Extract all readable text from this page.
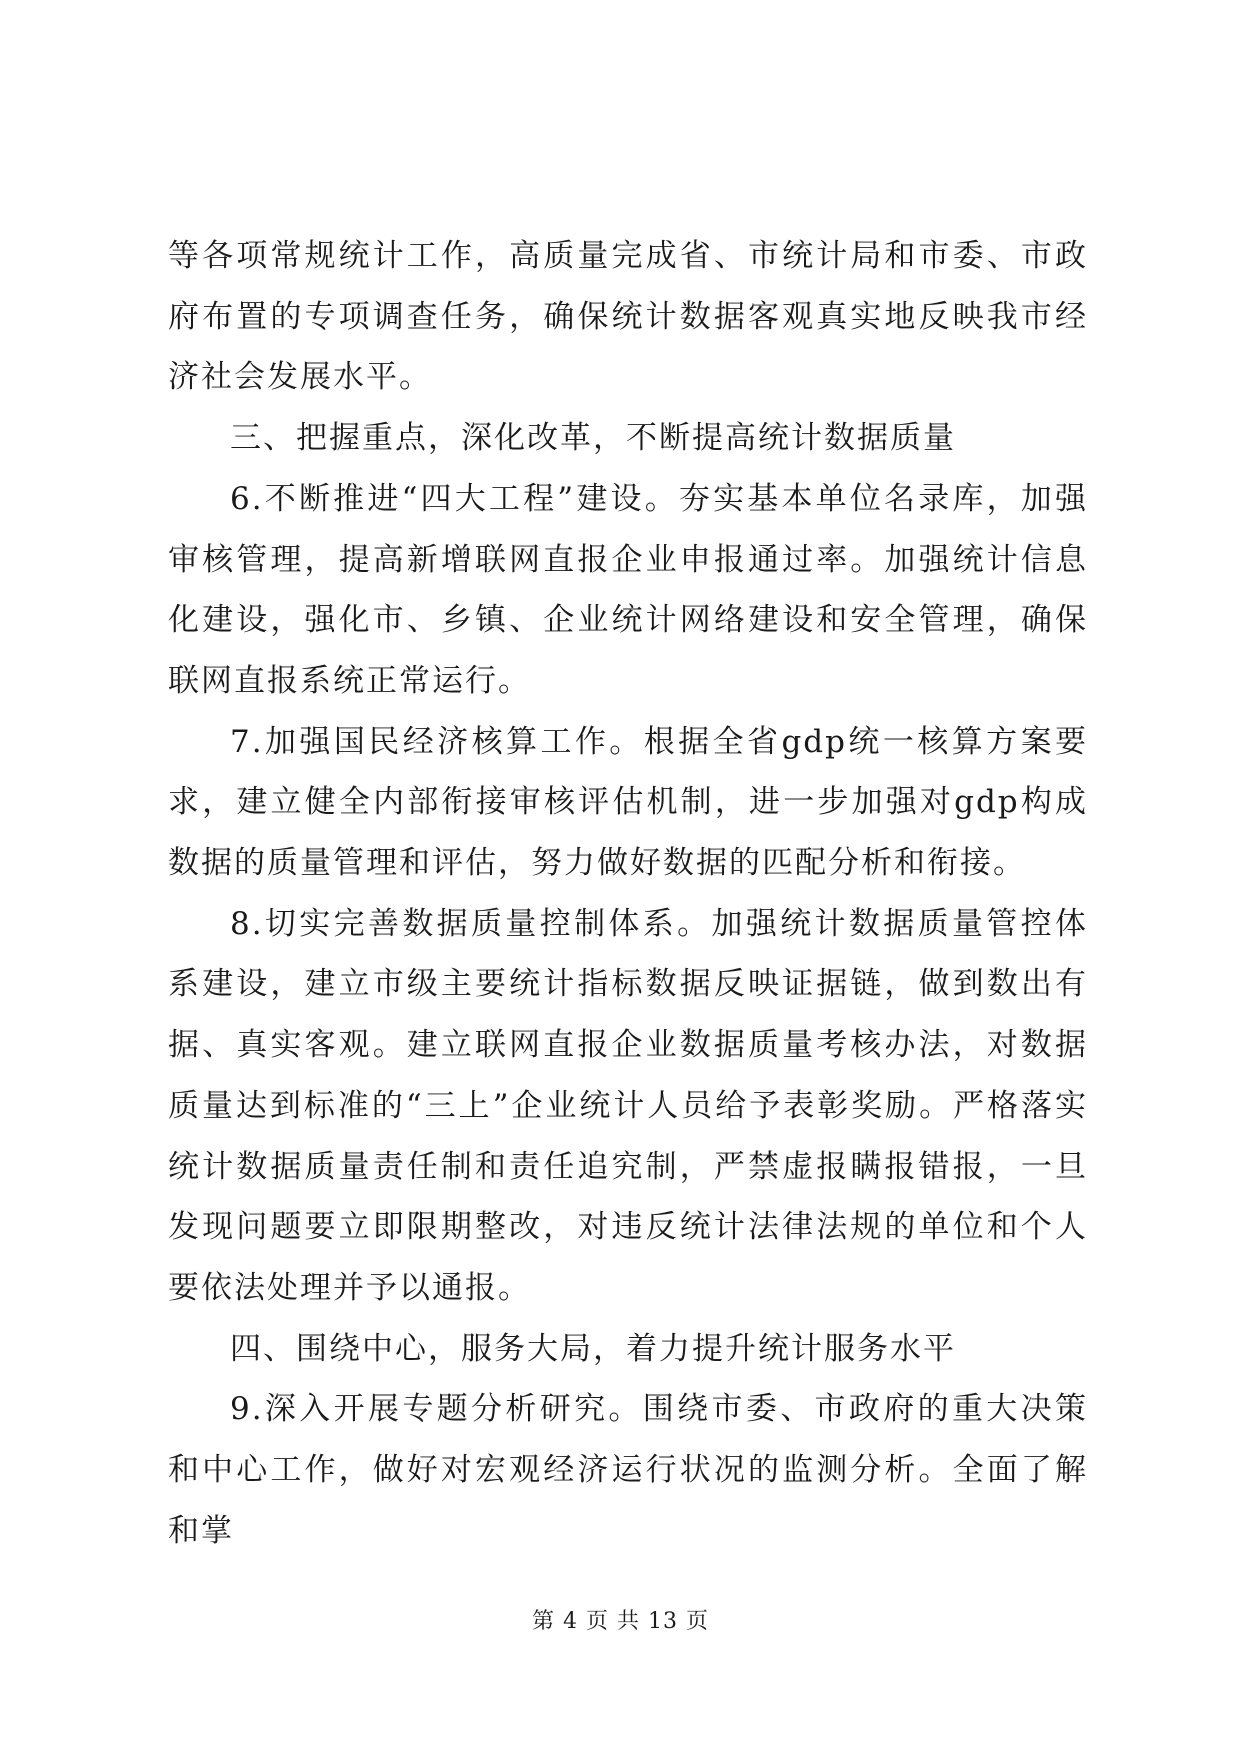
等各项常规统计工作，高质量完成省、市统计局和市委、市政府布置的专项调查任务，确保统计数据客观真实地反映我市经济社会发展水平。

三、把握重点，深化改革，不断提高统计数据质量

6.不断推进“四大工程”建设。夯实基本单位名录库，加强审核管理，提高新增联网直报企业申报通过率。加强统计信息化建设，强化市、乡镇、企业统计网络建设和安全管理，确保联网直报系统正常运行。

7.加强国民经济核算工作。根据全省gdp统一核算方案要求，建立健全内部衔接审核评估机制，进一步加强对gdp构成数据的质量管理和评估，努力做好数据的匹配分析和衔接。

8.切实完善数据质量控制体系。加强统计数据质量管控体系建设，建立市级主要统计指标数据反映证据链，做到数出有据、真实客观。建立联网直报企业数据质量考核办法，对数据质量达到标准的“三上”企业统计人员给予表彰奖励。严格落实统计数据质量责任制和责任追究制，严禁虚报瞒报错报，一旦发现问题要立即限期整改，对违反统计法律法规的单位和个人要依法处理并予以通报。

四、围绕中心，服务大局，着力提升统计服务水平

9.深入开展专题分析研究。围绕市委、市政府的重大决策和中心工作，做好对宏观经济运行状况的监测分析。全面了解和掌

第 4 页 共 13 页
